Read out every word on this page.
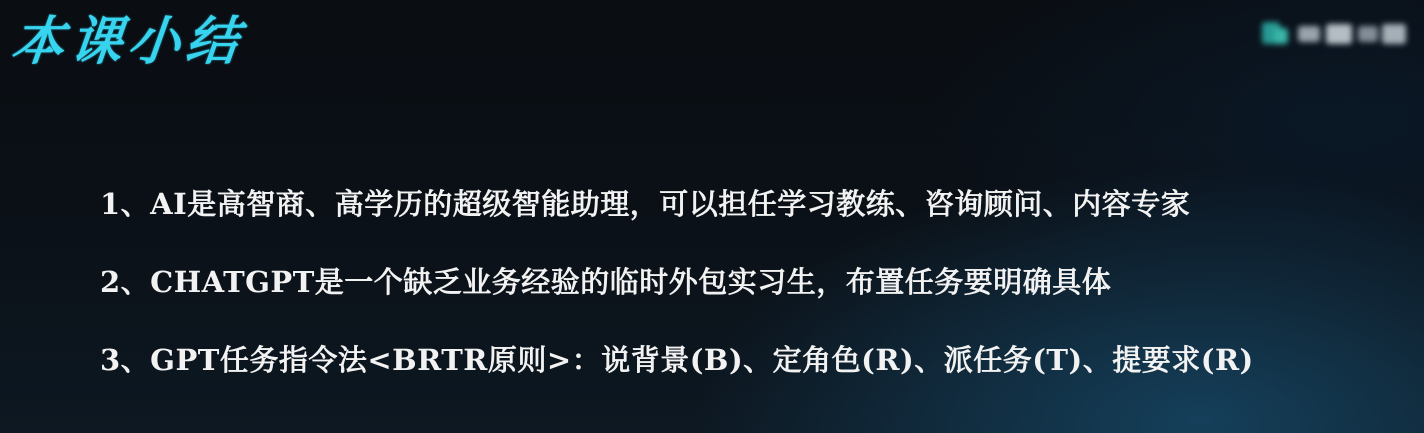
本课小结
1、AI是高智商、高学历的超级智能助理，可以担任学习教练、咨询顾问、内容专家
2、CHATGPT是一个缺乏业务经验的临时外包实习生，布置任务要明确具体
3、GPT任务指令法<BRTR原则>：说背景(B)、定角色(R)、派任务(T)、提要求(R)
